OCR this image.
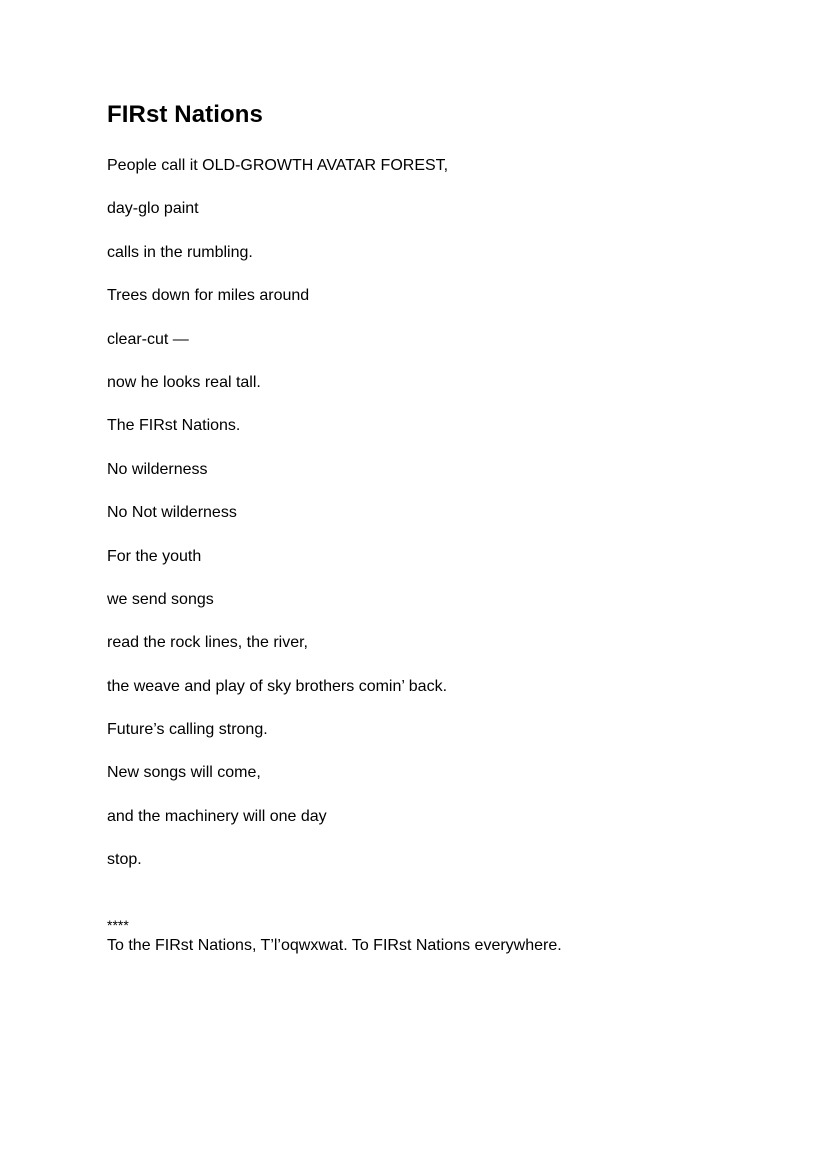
FIRst Nations
People call it OLD-GROWTH AVATAR FOREST,
day-glo paint
calls in the rumbling.
Trees down for miles around
clear-cut —
now he looks real tall.
The FIRst Nations.
No wilderness
No Not wilderness
For the youth
we send songs
read the rock lines, the river,
the weave and play of sky brothers comin’ back.
Future’s calling strong.
New songs will come,
and the machinery will one day
stop.
****
To the FIRst Nations, T’l’oqwxwat. To FIRst Nations everywhere.
